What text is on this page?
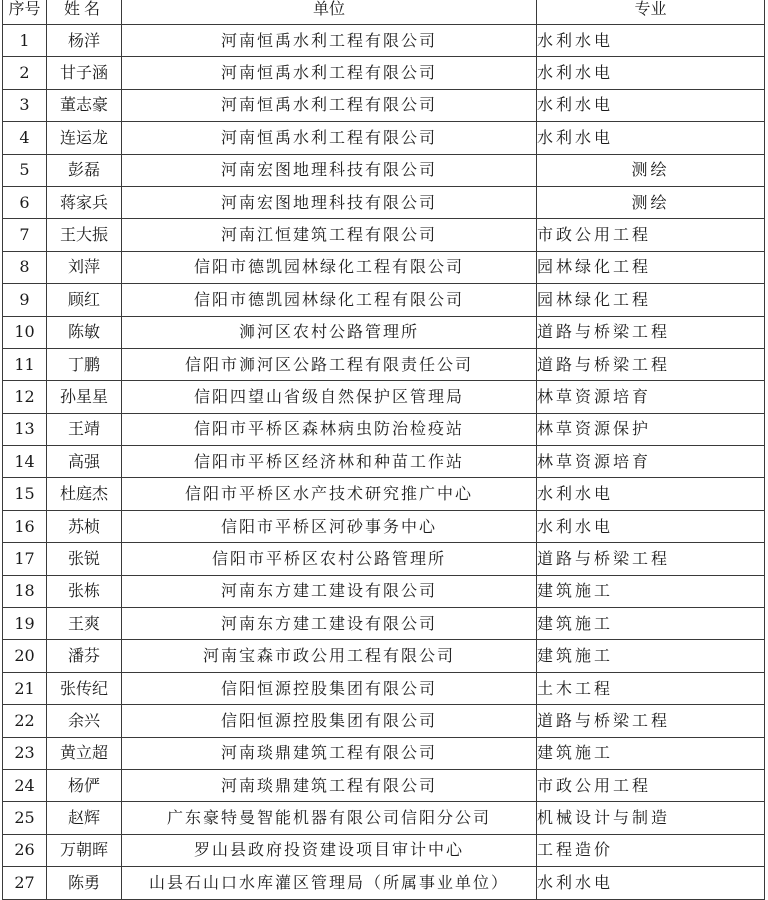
序号	姓名	单位	专业
1	杨洋	河南恒禹水利工程有限公司	水利水电
2	甘子涵	河南恒禹水利工程有限公司	水利水电
3	董志豪	河南恒禹水利工程有限公司	水利水电
4	连运龙	河南恒禹水利工程有限公司	水利水电
5	彭磊	河南宏图地理科技有限公司	测绘
6	蒋家兵	河南宏图地理科技有限公司	测绘
7	王大振	河南江恒建筑工程有限公司	市政公用工程
8	刘萍	信阳市德凯园林绿化工程有限公司	园林绿化工程
9	顾红	信阳市德凯园林绿化工程有限公司	园林绿化工程
10	陈敏	浉河区农村公路管理所	道路与桥梁工程
11	丁鹏	信阳市浉河区公路工程有限责任公司	道路与桥梁工程
12	孙星星	信阳四望山省级自然保护区管理局	林草资源培育
13	王靖	信阳市平桥区森林病虫防治检疫站	林草资源保护
14	高强	信阳市平桥区经济林和种苗工作站	林草资源培育
15	杜庭杰	信阳市平桥区水产技术研究推广中心	水利水电
16	苏桢	信阳市平桥区河砂事务中心	水利水电
17	张锐	信阳市平桥区农村公路管理所	道路与桥梁工程
18	张栋	河南东方建工建设有限公司	建筑施工
19	王爽	河南东方建工建设有限公司	建筑施工
20	潘芬	河南宝森市政公用工程有限公司	建筑施工
21	张传纪	信阳恒源控股集团有限公司	土木工程
22	余兴	信阳恒源控股集团有限公司	道路与桥梁工程
23	黄立超	河南琰鼎建筑工程有限公司	建筑施工
24	杨俨	河南琰鼎建筑工程有限公司	市政公用工程
25	赵辉	广东豪特曼智能机器有限公司信阳分公司	机械设计与制造
26	万朝晖	罗山县政府投资建设项目审计中心	工程造价
27	陈勇	山县石山口水库灌区管理局（所属事业单位）	水利水电
